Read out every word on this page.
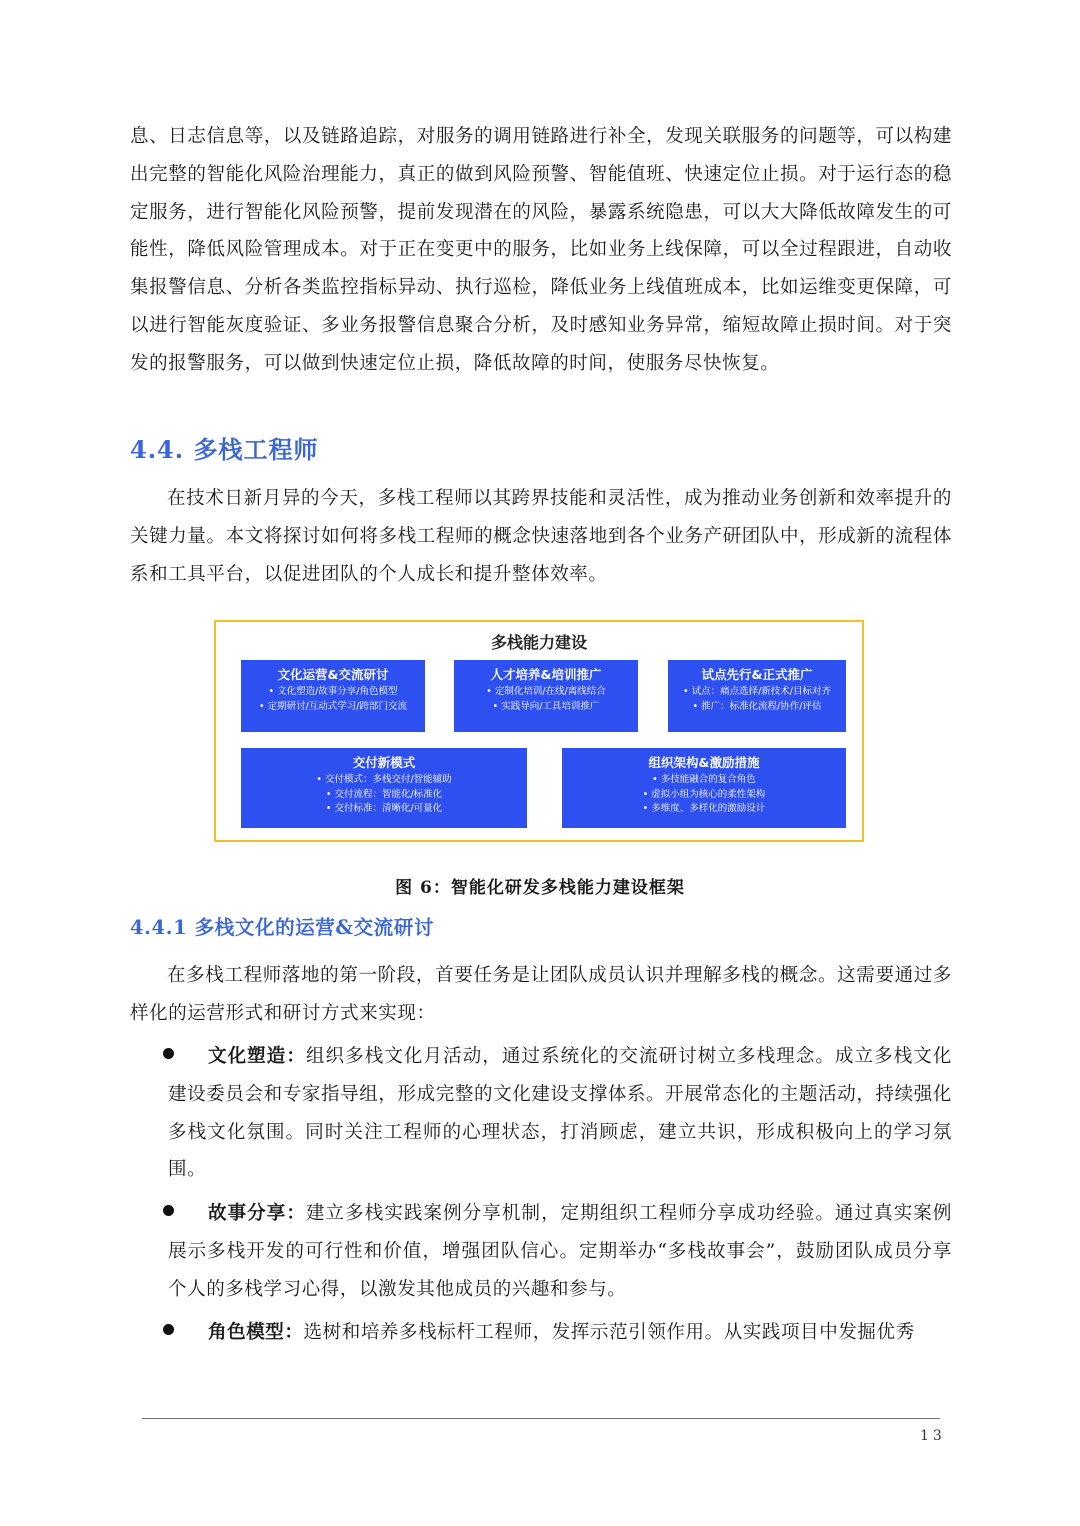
息、日志信息等，以及链路追踪，对服务的调用链路进行补全，发现关联服务的问题等，可以构建出完整的智能化风险治理能力，真正的做到风险预警、智能值班、快速定位止损。对于运行态的稳定服务，进行智能化风险预警，提前发现潜在的风险，暴露系统隐患，可以大大降低故障发生的可能性，降低风险管理成本。对于正在变更中的服务，比如业务上线保障，可以全过程跟进，自动收集报警信息、分析各类监控指标异动、执行巡检，降低业务上线值班成本，比如运维变更保障，可以进行智能灰度验证、多业务报警信息聚合分析，及时感知业务异常，缩短故障止损时间。对于突发的报警服务，可以做到快速定位止损，降低故障的时间，使服务尽快恢复。

4.4. 多栈工程师

在技术日新月异的今天，多栈工程师以其跨界技能和灵活性，成为推动业务创新和效率提升的关键力量。本文将探讨如何将多栈工程师的概念快速落地到各个业务产研团队中，形成新的流程体系和工具平台，以促进团队的个人成长和提升整体效率。

多栈能力建设
文化运营&交流研讨
• 文化塑造/故事分享/角色模型
• 定期研讨/互动式学习/跨部门交流
人才培养&培训推广
• 定制化培训/在线/离线结合
• 实践导向/工具培训推广
试点先行&正式推广
• 试点：痛点选择/新技术/目标对齐
• 推广：标准化流程/协作/评估
交付新模式
• 交付模式：多栈交付/智能辅助
• 交付流程：智能化/标准化
• 交付标准：清晰化/可量化
组织架构&激励措施
• 多技能融合的复合角色
• 虚拟小组为核心的柔性架构
• 多维度、多样化的激励设计

图 6：智能化研发多栈能力建设框架

4.4.1 多栈文化的运营&交流研讨

在多栈工程师落地的第一阶段，首要任务是让团队成员认识并理解多栈的概念。这需要通过多样化的运营形式和研讨方式来实现：

文化塑造：组织多栈文化月活动，通过系统化的交流研讨树立多栈理念。成立多栈文化建设委员会和专家指导组，形成完整的文化建设支撑体系。开展常态化的主题活动，持续强化多栈文化氛围。同时关注工程师的心理状态，打消顾虑，建立共识，形成积极向上的学习氛围。
故事分享：建立多栈实践案例分享机制，定期组织工程师分享成功经验。通过真实案例展示多栈开发的可行性和价值，增强团队信心。定期举办“多栈故事会”，鼓励团队成员分享个人的多栈学习心得，以激发其他成员的兴趣和参与。
角色模型：选树和培养多栈标杆工程师，发挥示范引领作用。从实践项目中发掘优秀

13
